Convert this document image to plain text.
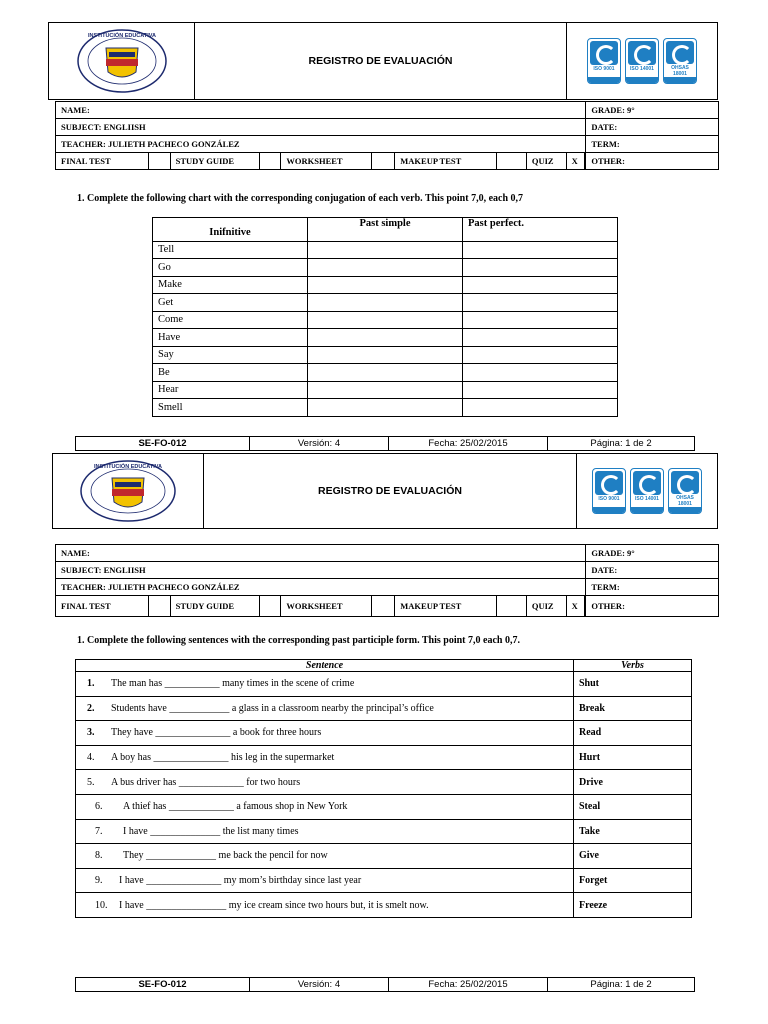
INSTITUCIÓN EDUCATIVA
	REGISTRO DE EVALUACIÓN	
ISO 9001	ISO 14001	OHSAS 18001
NAME:										GRADE: 9°
SUBJECT: ENGLIISH										DATE:
TEACHER: JULIETH PACHECO GONZÁLEZ										TERM:
FINAL TEST		STUDY GUIDE		WORKSHEET		MAKEUP TEST		QUIZ	X		OTHER:
1. Complete the following chart with the corresponding conjugation of each verb. This point 7,0, each 0,7
Inifnitive	Past simple	Past perfect.
Tell		
Go		
Make		
Get		
Come		
Have		
Say		
Be		
Hear		
Smell		
SE-FO-012	Versión: 4	Fecha: 25/02/2015	Página: 1 de 2
INSTITUCIÓN EDUCATIVA
	REGISTRO DE EVALUACIÓN	
ISO 9001	ISO 14001	OHSAS 18001
NAME:										GRADE: 9°
SUBJECT: ENGLIISH										DATE:
TEACHER: JULIETH PACHECO GONZÁLEZ										TERM:
FINAL TEST		STUDY GUIDE		WORKSHEET		MAKEUP TEST		QUIZ	X		OTHER:
1. Complete the following sentences with the corresponding past participle form. This point 7,0 each 0,7.
Sentence	Verbs
1. The man has ___________ many times in the scene of crime	Shut
2. Students have ____________ a glass in a classroom nearby the principal’s office	Break
3. They have _______________ a book for three hours	Read
4. A boy has _______________ his leg in the supermarket	Hurt
5. A bus driver has _____________ for two hours	Drive
6. A thief has _____________ a famous shop in New York	Steal
7. I have ______________ the list many times	Take
8. They ______________ me back the pencil for now	Give
9. I have _______________ my mom’s birthday since last year	Forget
10. I have ________________ my ice cream since two hours but, it is smelt now.	Freeze
SE-FO-012	Versión: 4	Fecha: 25/02/2015	Página: 1 de 2
